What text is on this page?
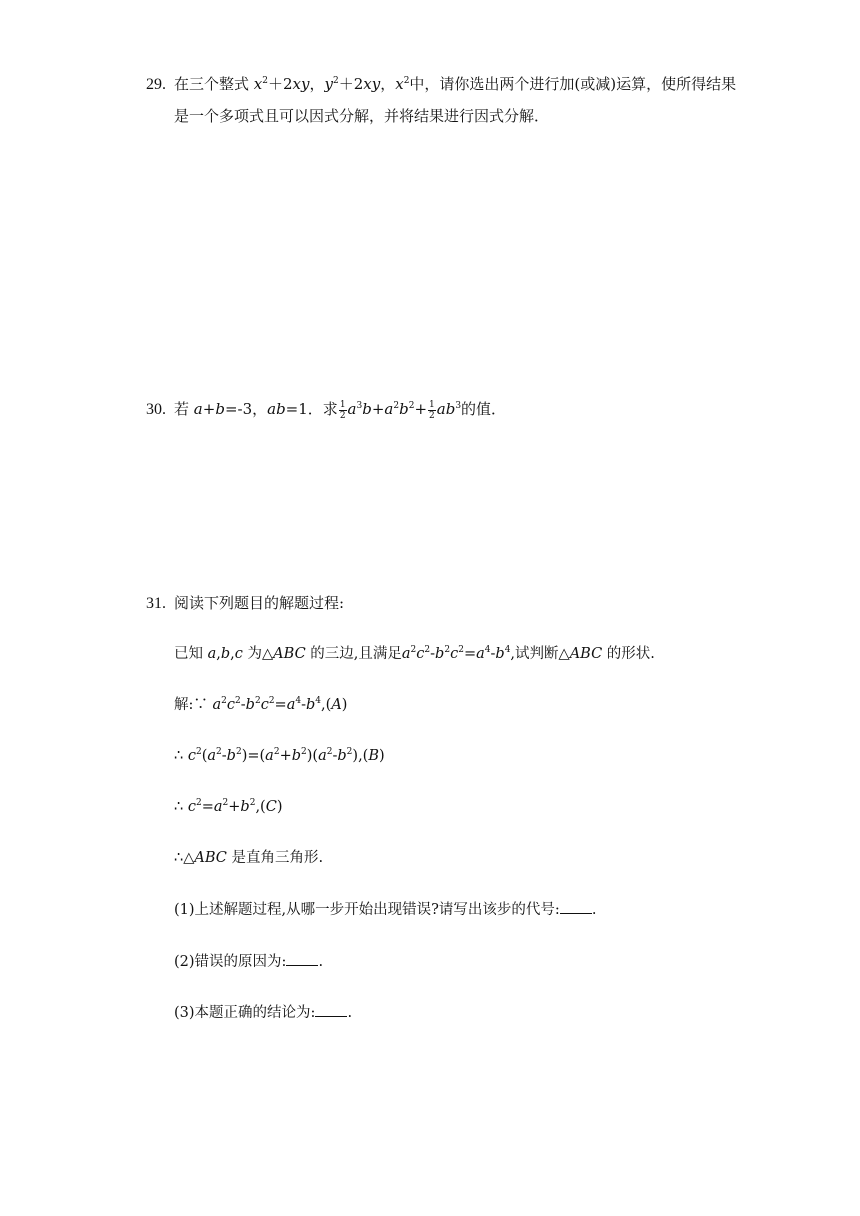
29. 在三个整式 $x^2+2xy$，$y^2+2xy$，$x^2$中，请你选出两个进行加(或减)运算，使所得结果
是一个多项式且可以因式分解，并将结果进行因式分解．
30. 若 a+b=-3，ab=1．求 $\frac{1}{2} a^3b+a^2b^2+ \frac{1}{2} ab^3$的值．
31. 阅读下列题目的解题过程:
已知 a,b,c 为△ABC 的三边,且满足$a^2c^2-b^2c^2=a^4-b^4$,试判断△ABC 的形状.
解:∵ $a^2c^2-b^2c^2=a^4-b^4,(A)$
∴ $c^2(a^2-b^2)=(a^2+b^2)(a^2-b^2),(B)$
∴ $c^2=a^2+b^2,(C)$
∴△ABC 是直角三角形.
(1)上述解题过程,从哪一步开始出现错误?请写出该步的代号: .
(2)错误的原因为: .
(3)本题正确的结论为: .
